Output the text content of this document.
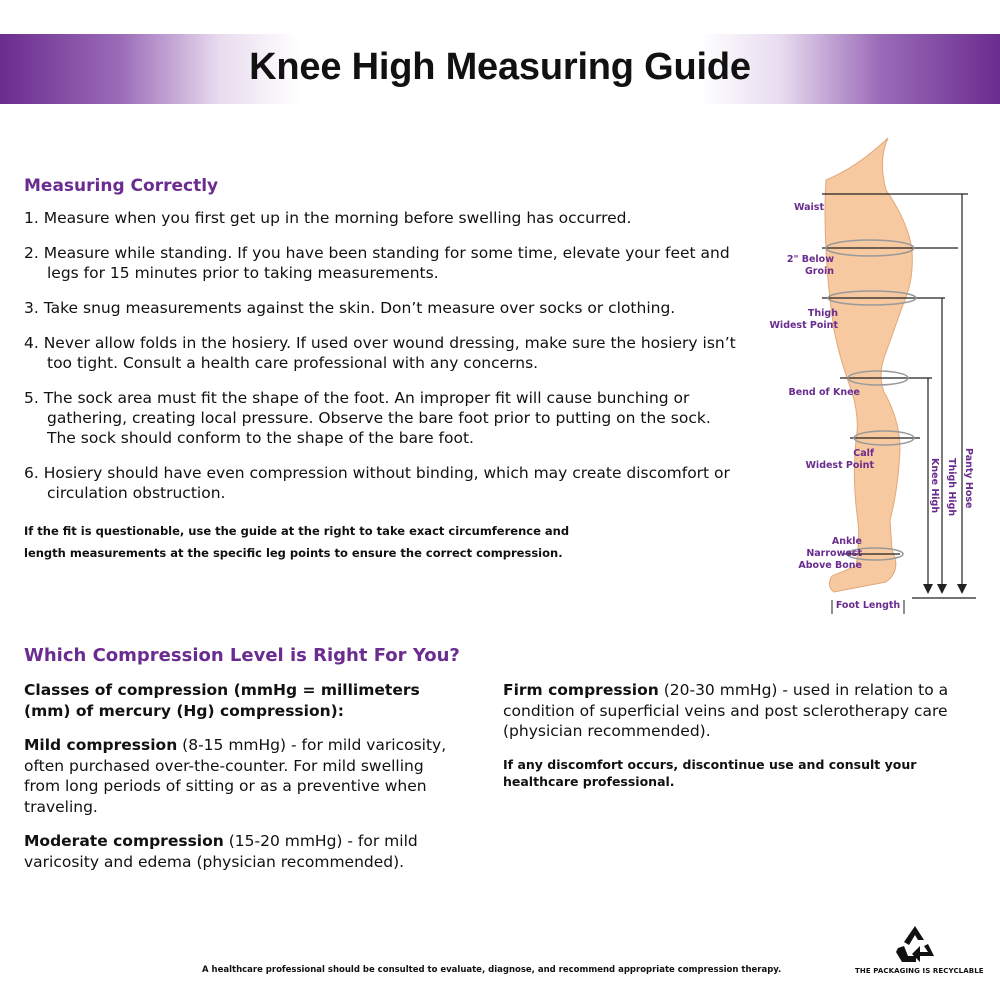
Knee High Measuring Guide
Measuring Correctly
1. Measure when you first get up in the morning before swelling has occurred.
2. Measure while standing. If you have been standing for some time, elevate your feet and legs for 15 minutes prior to taking measurements.
3. Take snug measurements against the skin. Don’t measure over socks or clothing.
4. Never allow folds in the hosiery. If used over wound dressing, make sure the hosiery isn’t too tight. Consult a health care professional with any concerns.
5. The sock area must fit the shape of the foot. An improper fit will cause bunching or gathering, creating local pressure. Observe the bare foot prior to putting on the sock. The sock should conform to the shape of the bare foot.
6. Hosiery should have even compression without binding, which may create discomfort or circulation obstruction.
If the fit is questionable, use the guide at the right to take exact circumference and length measurements at the specific leg points to ensure the correct compression.
Waist
2" Below
Groin
Thigh
Widest Point
Bend of Knee
Calf
Widest Point
Ankle
Narrowest
Above Bone
Foot Length
Knee High Thigh High Panty Hose
Which Compression Level is Right For You?

Classes of compression (mmHg = millimeters (mm) of mercury (Hg) compression):

Mild compression (8-15 mmHg) - for mild varicosity, often purchased over-the-counter. For mild swelling from long periods of sitting or as a preventive when traveling.

Moderate compression (15-20 mmHg) - for mild varicosity and edema (physician recommended).

Firm compression (20-30 mmHg) - used in relation to a condition of superficial veins and post sclerotherapy care (physician recommended).

If any discomfort occurs, discontinue use and consult your healthcare professional.

A healthcare professional should be consulted to evaluate, diagnose, and recommend appropriate compression therapy.	THE PACKAGING IS RECYCLABLE
